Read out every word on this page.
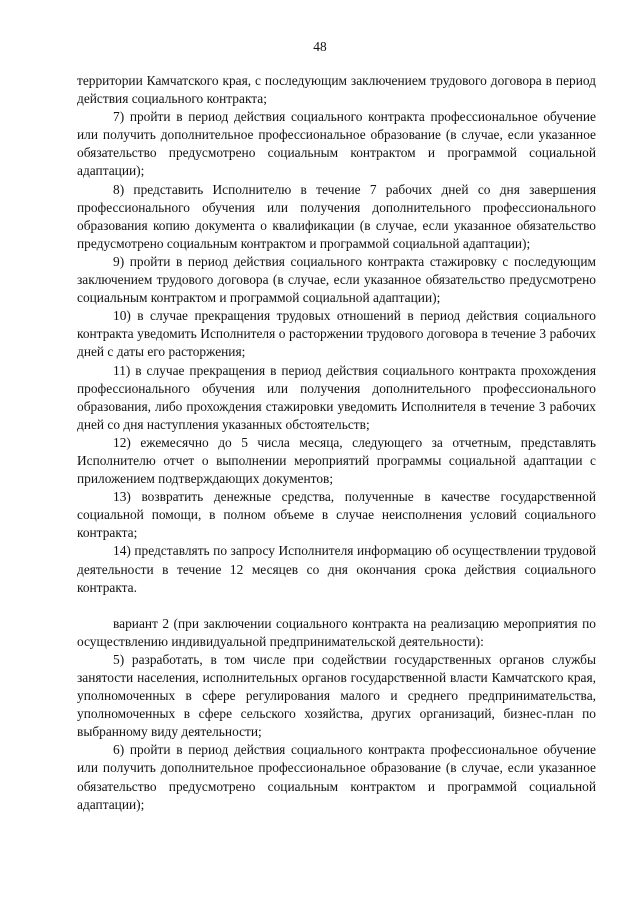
48

территории Камчатского края, с последующим заключением трудового договора в период действия социального контракта;

7) пройти в период действия социального контракта профессиональное обучение или получить дополнительное профессиональное образование (в случае, если указанное обязательство предусмотрено социальным контрактом и программой социальной адаптации);

8) представить Исполнителю в течение 7 рабочих дней со дня завершения профессионального обучения или получения дополнительного профессионального образования копию документа о квалификации (в случае, если указанное обязательство предусмотрено социальным контрактом и программой социальной адаптации);

9) пройти в период действия социального контракта стажировку с последующим заключением трудового договора (в случае, если указанное обязательство предусмотрено социальным контрактом и программой социальной адаптации);

10) в случае прекращения трудовых отношений в период действия социального контракта уведомить Исполнителя о расторжении трудового договора в течение 3 рабочих дней с даты его расторжения;

11) в случае прекращения в период действия социального контракта прохождения профессионального обучения или получения дополнительного профессионального образования, либо прохождения стажировки уведомить Исполнителя в течение 3 рабочих дней со дня наступления указанных обстоятельств;

12) ежемесячно до 5 числа месяца, следующего за отчетным, представлять Исполнителю отчет о выполнении мероприятий программы социальной адаптации с приложением подтверждающих документов;

13) возвратить денежные средства, полученные в качестве государственной социальной помощи, в полном объеме в случае неисполнения условий социального контракта;

14) представлять по запросу Исполнителя информацию об осуществлении трудовой деятельности в течение 12 месяцев со дня окончания срока действия социального контракта.

вариант 2 (при заключении социального контракта на реализацию мероприятия по осуществлению индивидуальной предпринимательской деятельности):

5) разработать, в том числе при содействии государственных органов службы занятости населения, исполнительных органов государственной власти Камчатского края, уполномоченных в сфере регулирования малого и среднего предпринимательства, уполномоченных в сфере сельского хозяйства, других организаций, бизнес-план по выбранному виду деятельности;

6) пройти в период действия социального контракта профессиональное обучение или получить дополнительное профессиональное образование (в случае, если указанное обязательство предусмотрено социальным контрактом и программой социальной адаптации);
